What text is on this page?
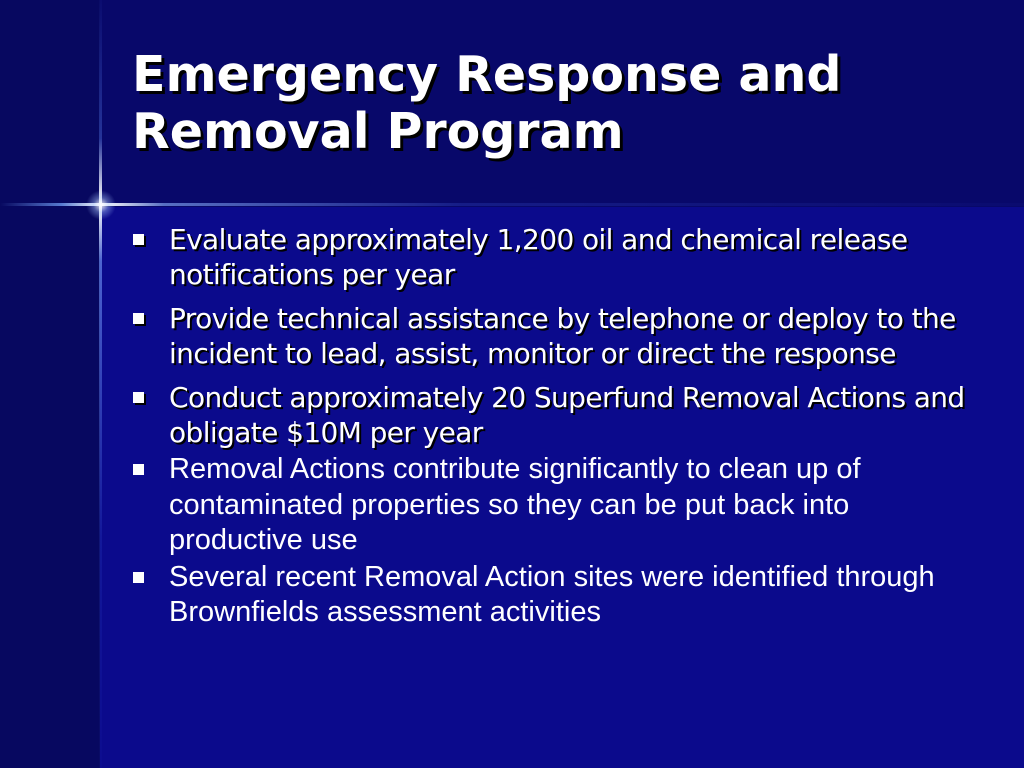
Emergency Response and Removal Program
Evaluate approximately 1,200 oil and chemical release notifications per year
Provide technical assistance by telephone or deploy to the incident to lead, assist, monitor or direct the response
Conduct approximately 20 Superfund Removal Actions and obligate $10M per year
Removal Actions contribute significantly to clean up of contaminated properties so they can be put back into productive use
Several recent Removal Action sites were identified through Brownfields assessment activities
